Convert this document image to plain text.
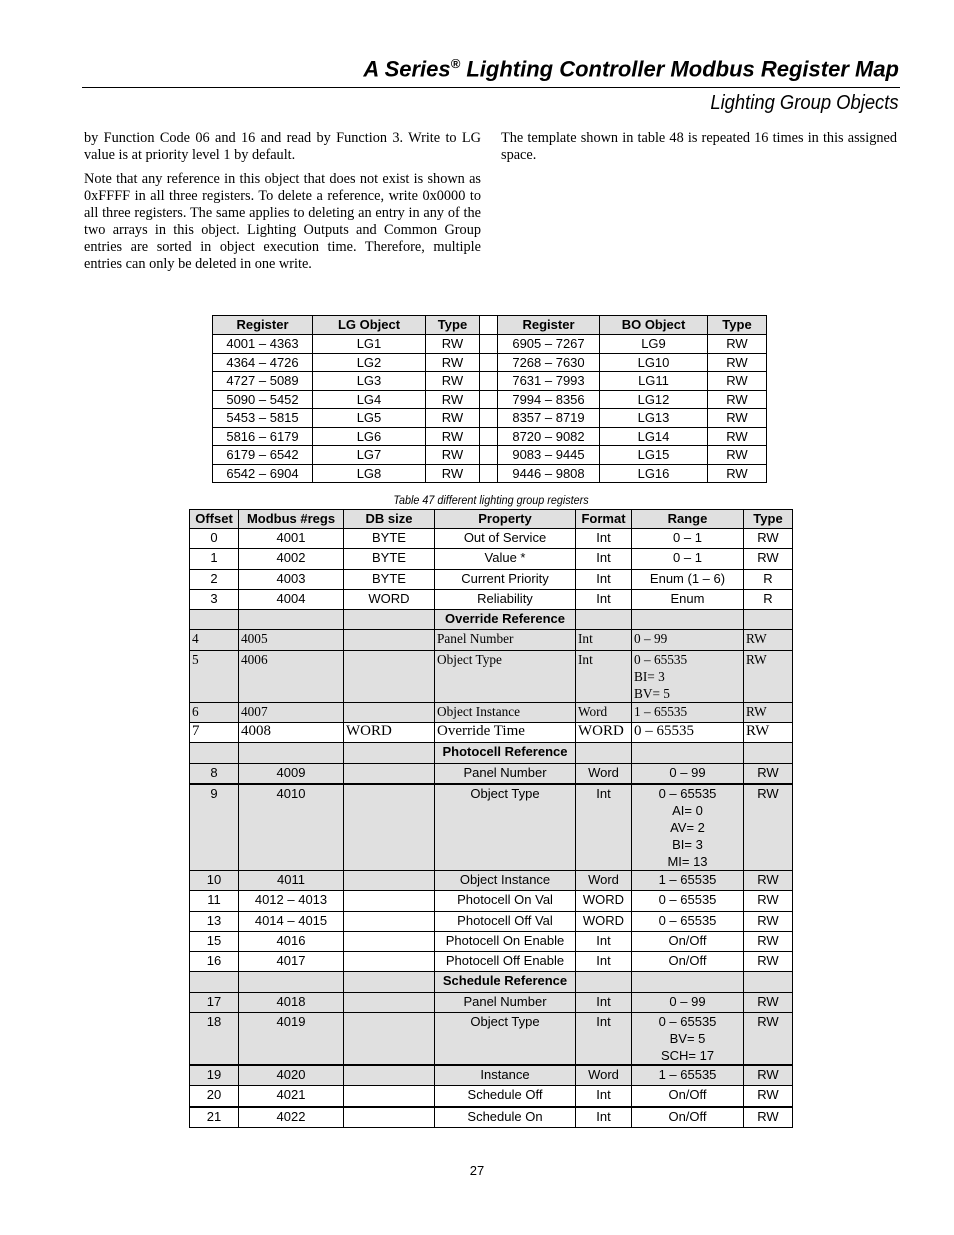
A Series® Lighting Controller Modbus Register Map
Lighting Group Objects

by Function Code 06 and 16 and read by Function 3. Write to LG value is at priority level 1 by default.

Note that any reference in this object that does not exist is shown as 0xFFFF in all three registers. To delete a reference, write 0x0000 to all three registers. The same applies to deleting an entry in any of the two arrays in this object. Lighting Outputs and Common Group entries are sorted in object execution time. Therefore, multiple entries can only be deleted in one write.

The template shown in table 48 is repeated 16 times in this assigned space.

Register	LG Object	Type		Register	BO Object	Type
4001 – 4363	LG1	RW		6905 – 7267	LG9	RW
4364 – 4726	LG2	RW		7268 – 7630	LG10	RW
4727 – 5089	LG3	RW		7631 – 7993	LG11	RW
5090 – 5452	LG4	RW		7994 – 8356	LG12	RW
5453 – 5815	LG5	RW		8357 – 8719	LG13	RW
5816 – 6179	LG6	RW		8720 – 9082	LG14	RW
6179 – 6542	LG7	RW		9083 – 9445	LG15	RW
6542 – 6904	LG8	RW		9446 – 9808	LG16	RW
Table 47 different lighting group registers
Offset	Modbus #regs	DB size	Property	Format	Range	Type
0	4001	BYTE	Out of Service	Int	0 – 1	RW
1	4002	BYTE	Value *	Int	0 – 1	RW
2	4003	BYTE	Current Priority	Int	Enum (1 – 6)	R
3	4004	WORD	Reliability	Int	Enum	R
			Override Reference			
4	4005		Panel Number	Int	0 – 99	RW
5	4006		Object Type	Int	0 – 65535
BI= 3
BV= 5	RW
6	4007		Object Instance	Word	1 – 65535	RW
7	4008	WORD	Override Time	WORD	0 – 65535	RW
			Photocell Reference			
8	4009		Panel Number	Word	0 – 99	RW
9	4010		Object Type	Int	0 – 65535
AI= 0
AV= 2
BI= 3
MI= 13	RW
10	4011		Object Instance	Word	1 – 65535	RW
11	4012 – 4013		Photocell On Val	WORD	0 – 65535	RW
13	4014 – 4015		Photocell Off Val	WORD	0 – 65535	RW
15	4016		Photocell On Enable	Int	On/Off	RW
16	4017		Photocell Off Enable	Int	On/Off	RW
			Schedule Reference			
17	4018		Panel Number	Int	0 – 99	RW
18	4019		Object Type	Int	0 – 65535
BV= 5
SCH= 17	RW
19	4020		Instance	Word	1 – 65535	RW
20	4021		Schedule Off	Int	On/Off	RW
21	4022		Schedule On	Int	On/Off	RW
27
